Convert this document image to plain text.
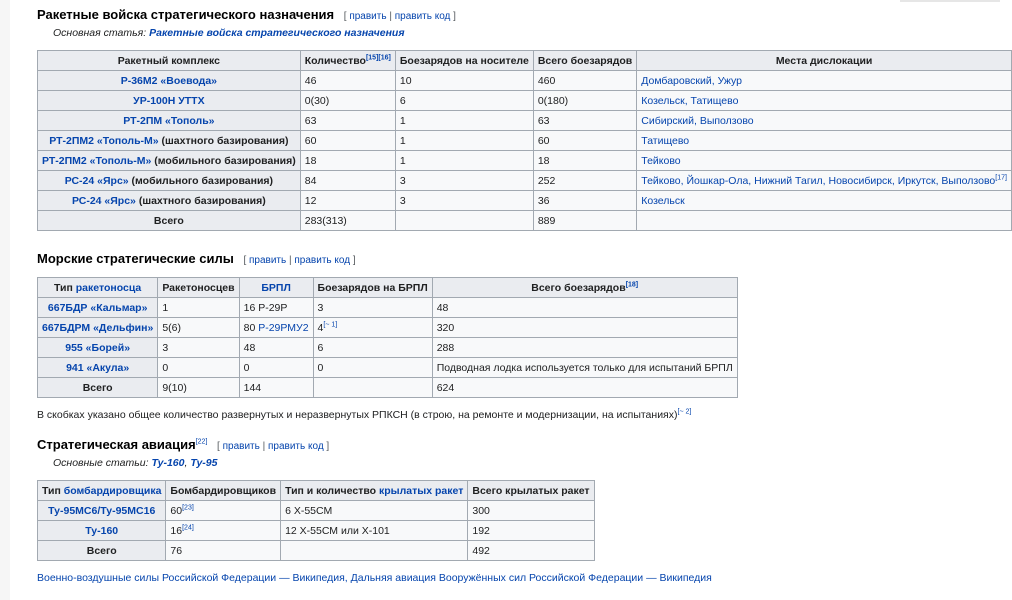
Ракетные войска стратегического назначения [ править | править код ]
Основная статья: Ракетные войска стратегического назначения
Ракетный комплекс	Количество[15][16]	Боезарядов на носителе	Всего боезарядов	Места дислокации
Р-36М2 «Воевода»	46	10	460	Домбаровский, Ужур
УР-100Н УТТХ	0(30)	6	0(180)	Козельск, Татищево
РТ-2ПМ «Тополь»	63	1	63	Сибирский, Выползово
РТ-2ПМ2 «Тополь-М» (шахтного базирования)	60	1	60	Татищево
РТ-2ПМ2 «Тополь-М» (мобильного базирования)	18	1	18	Тейково
РС-24 «Ярс» (мобильного базирования)	84	3	252	Тейково, Йошкар-Ола, Нижний Тагил, Новосибирск, Иркутск, Выползово[17]
РС-24 «Ярс» (шахтного базирования)	12	3	36	Козельск
Всего	283(313)		889	
Морские стратегические силы [ править | править код ]
Тип ракетоносца	Ракетоносцев	БРПЛ	Боезарядов на БРПЛ	Всего боезарядов[18]
667БДР «Кальмар»	1	16 Р-29Р	3	48
667БДРМ «Дельфин»	5(6)	80 Р-29РМУ2	4[~ 1]	320
955 «Борей»	3	48	6	288
941 «Акула»	0	0	0	Подводная лодка используется только для испытаний БРПЛ
Всего	9(10)	144		624
В скобках указано общее количество развернутых и неразвернутых РПКСН (в строю, на ремонте и модернизации, на испытаниях)[~ 2]
Стратегическая авиация[22] [ править | править код ]
Основные статьи: Ту-160, Ту-95
Тип бомбардировщика	Бомбардировщиков	Тип и количество крылатых ракет	Всего крылатых ракет
Ту-95МС6/Ту-95МС16	60[23]	6 Х-55СМ	300
Ту-160	16[24]	12 Х-55СМ или Х-101	192
Всего	76		492
Военно-воздушные силы Российской Федерации — Википедия, Дальняя авиация Вооружённых сил Российской Федерации — Википедия
